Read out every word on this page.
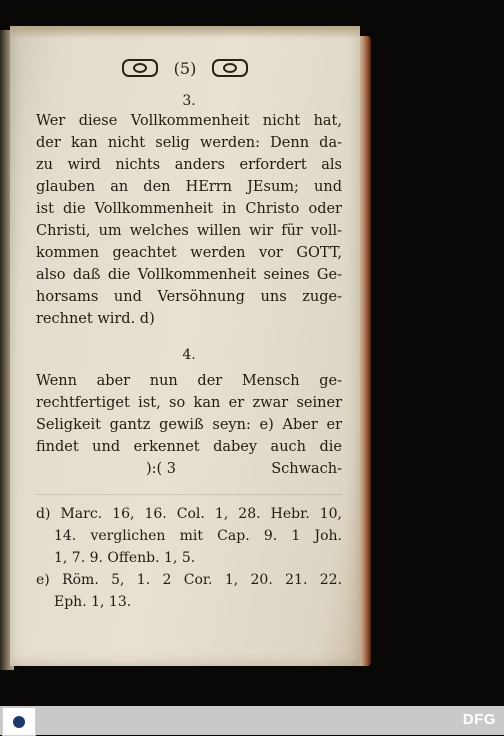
(5)

3.

Wer diese Vollkommenheit nicht hat,
der kan nicht selig werden: Denn da-
zu wird nichts anders erfordert als
glauben an den HErrn JEsum; und
ist die Vollkommenheit in Christo oder
Christi, um welches willen wir für voll-
kommen geachtet werden vor GOTT,
also daß die Vollkommenheit seines Ge-
horsams und Versöhnung uns zuge-
rechnet wird. d)

4.

Wenn aber nun der Mensch ge-
rechtfertiget ist, so kan er zwar seiner
Seligkeit gantz gewiß seyn: e) Aber er
findet und erkennet dabey auch die
):( 3	Schwach-
d) Marc. 16, 16. Col. 1, 28. Hebr. 10,
14. verglichen mit Cap. 9. 1 Joh.
1, 7. 9. Offenb. 1, 5.
e) Röm. 5, 1. 2 Cor. 1, 20. 21. 22.
Eph. 1, 13.
DFG
